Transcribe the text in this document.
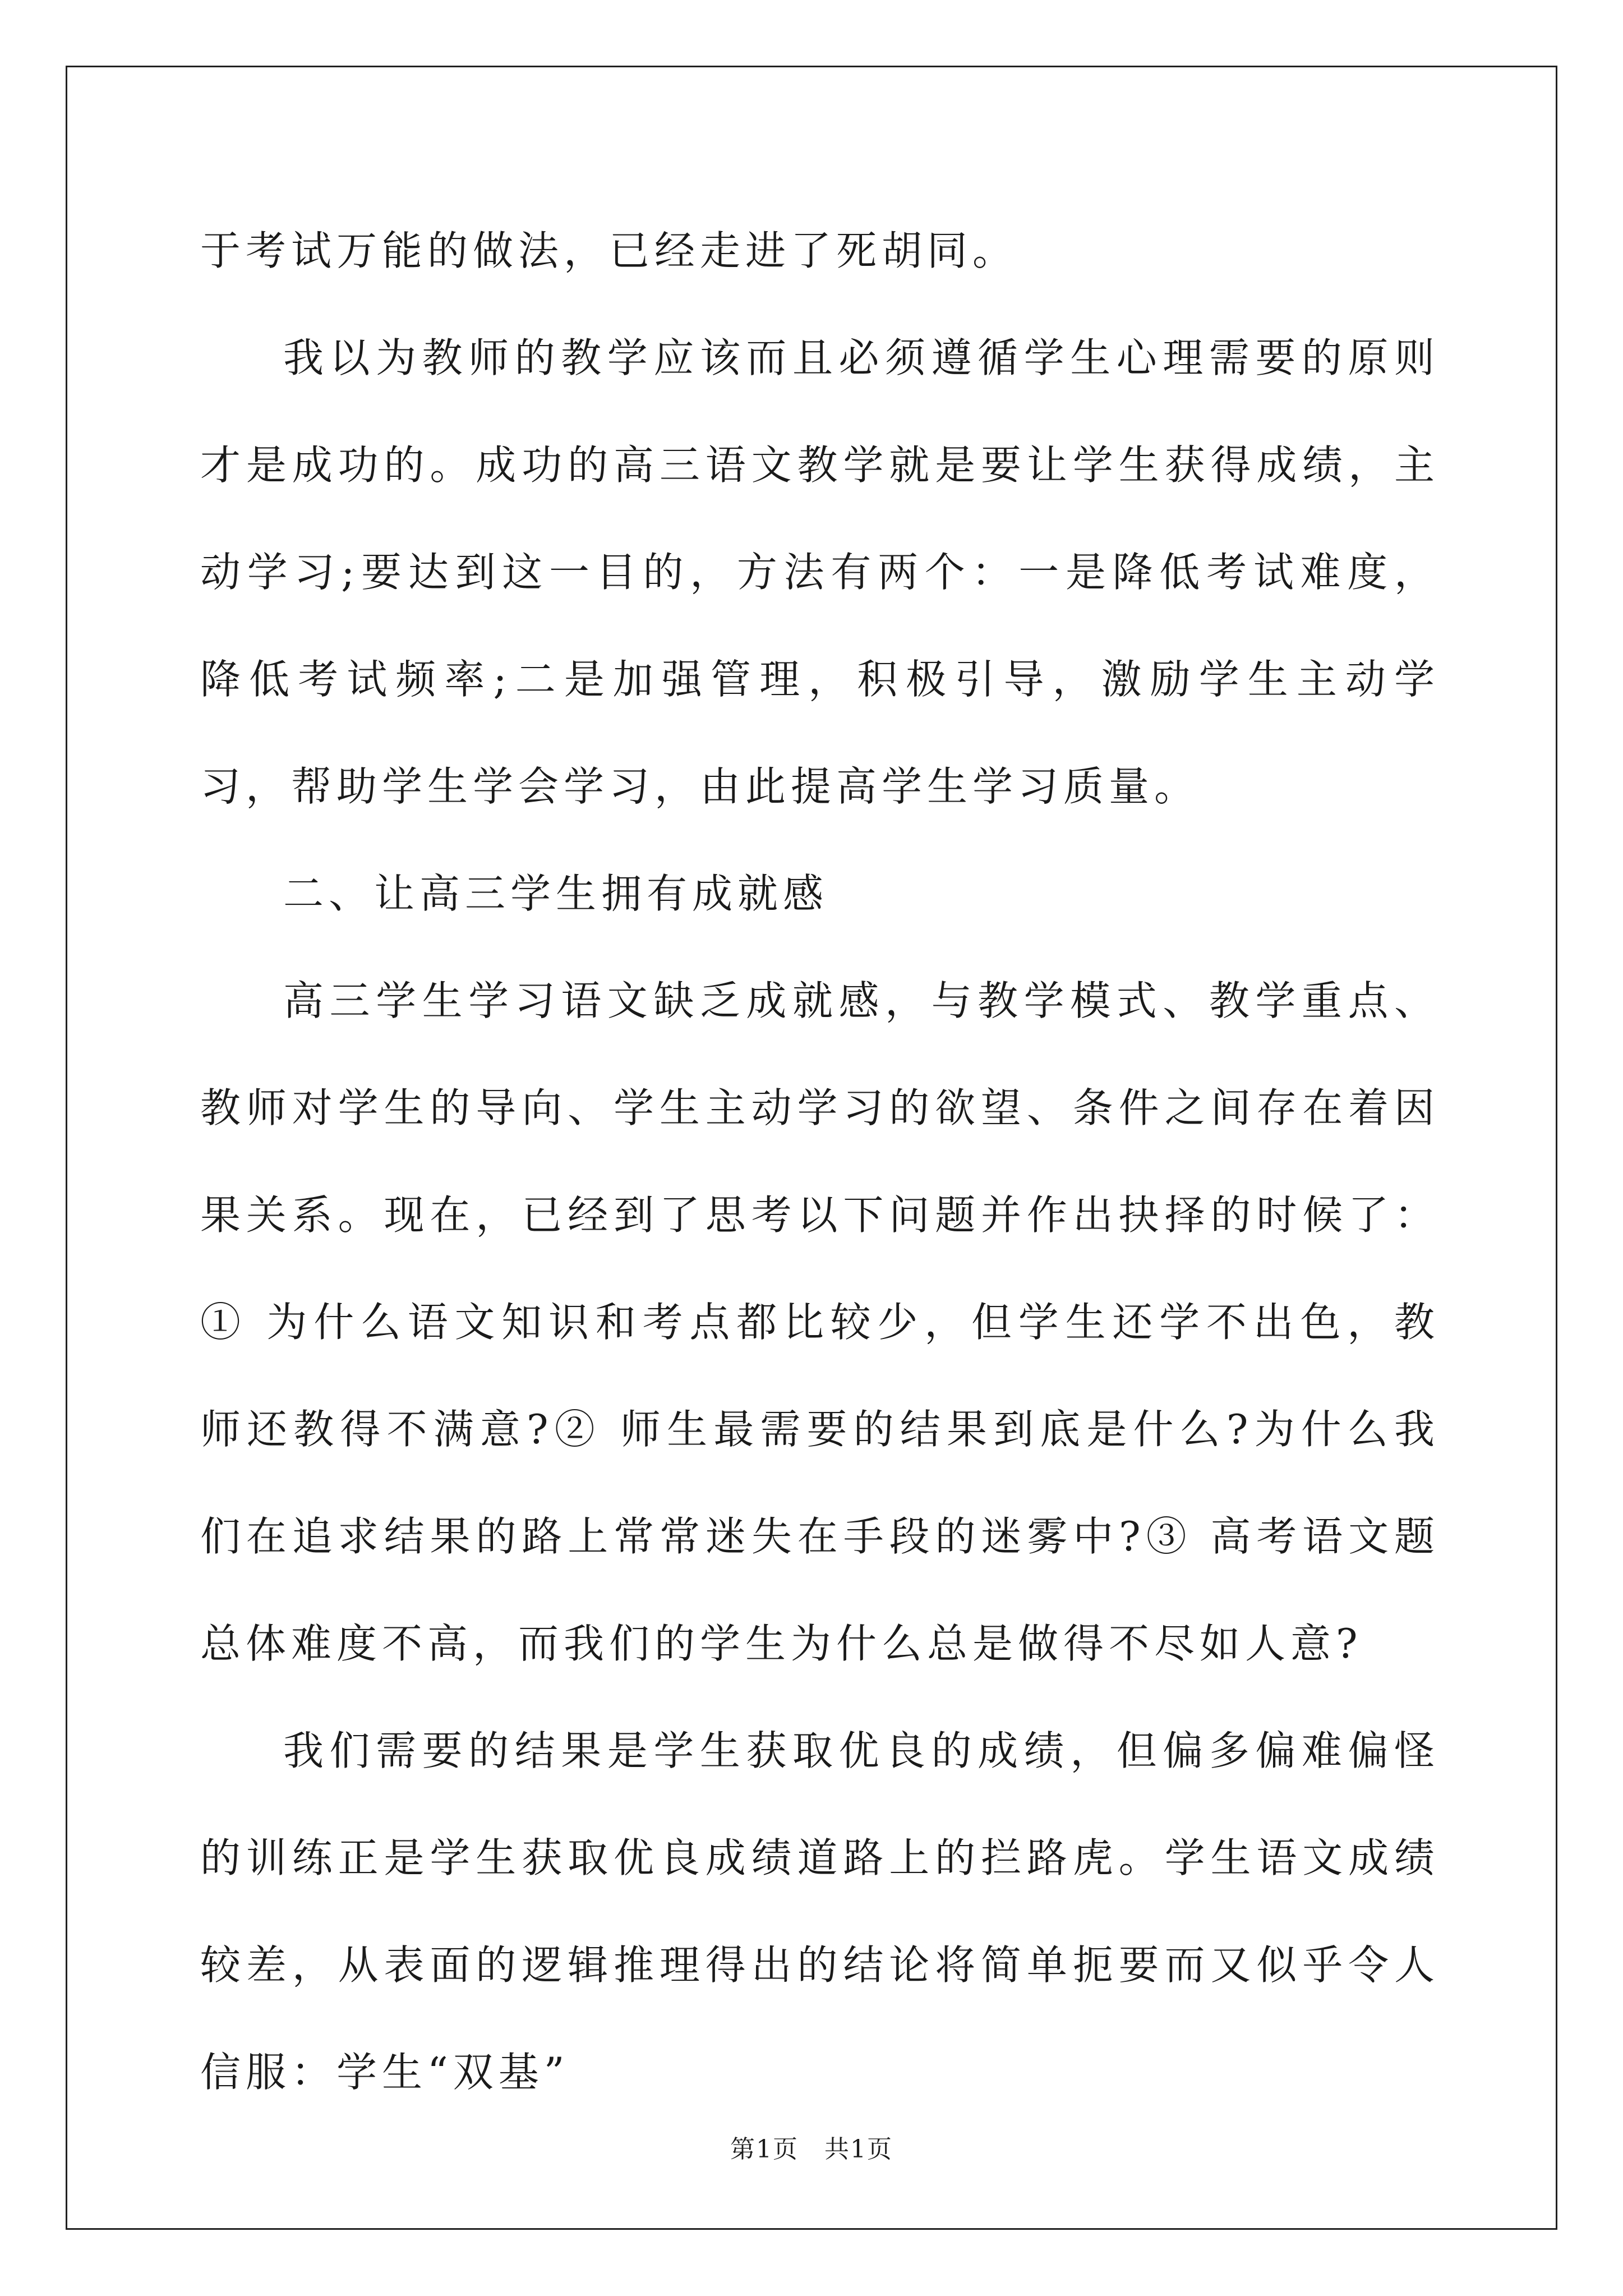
于考试万能的做法，已经走进了死胡同。

我以为教师的教学应该而且必须遵循学生心理需要的原则才是成功的。成功的高三语文教学就是要让学生获得成绩，主动学习;要达到这一目的，方法有两个：一是降低考试难度，降低考试频率;二是加强管理，积极引导，激励学生主动学习，帮助学生学会学习，由此提高学生学习质量。

二、让高三学生拥有成就感

高三学生学习语文缺乏成就感，与教学模式、教学重点、教师对学生的导向、学生主动学习的欲望、条件之间存在着因果关系。现在，已经到了思考以下问题并作出抉择的时候了：① 为什么语文知识和考点都比较少，但学生还学不出色，教师还教得不满意?② 师生最需要的结果到底是什么?为什么我们在追求结果的路上常常迷失在手段的迷雾中?③ 高考语文题总体难度不高，而我们的学生为什么总是做得不尽如人意?

我们需要的结果是学生获取优良的成绩，但偏多偏难偏怪的训练正是学生获取优良成绩道路上的拦路虎。学生语文成绩较差，从表面的逻辑推理得出的结论将简单扼要而又似乎令人信服：学生“双基”

第1页　共1页
